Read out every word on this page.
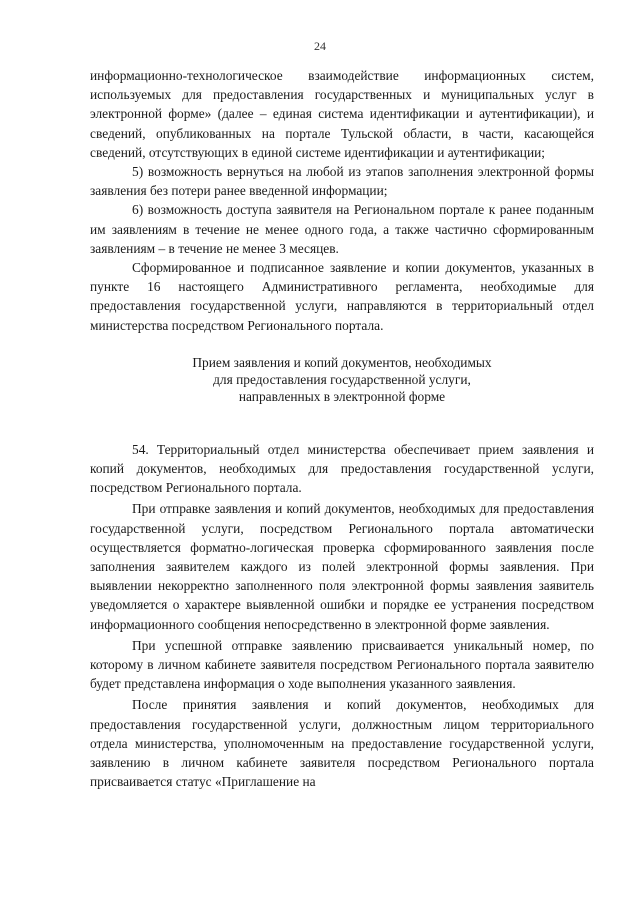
24

информационно-технологическое взаимодействие информационных систем, используемых для предоставления государственных и муниципальных услуг в электронной форме» (далее – единая система идентификации и аутентификации), и сведений, опубликованных на портале Тульской области, в части, касающейся сведений, отсутствующих в единой системе идентификации и аутентификации;

5) возможность вернуться на любой из этапов заполнения электронной формы заявления без потери ранее введенной информации;

6) возможность доступа заявителя на Региональном портале к ранее поданным им заявлениям в течение не менее одного года, а также частично сформированным заявлениям – в течение не менее 3 месяцев.

Сформированное и подписанное заявление и копии документов, указанных в пункте 16 настоящего Административного регламента, необходимые для предоставления государственной услуги, направляются в территориальный отдел министерства посредством Регионального портала.

Прием заявления и копий документов, необходимых
для предоставления государственной услуги,
направленных в электронной форме

54. Территориальный отдел министерства обеспечивает прием заявления и копий документов, необходимых для предоставления государственной услуги, посредством Регионального портала.

При отправке заявления и копий документов, необходимых для предоставления государственной услуги, посредством Регионального портала автоматически осуществляется форматно-логическая проверка сформированного заявления после заполнения заявителем каждого из полей электронной формы заявления. При выявлении некорректно заполненного поля электронной формы заявления заявитель уведомляется о характере выявленной ошибки и порядке ее устранения посредством информационного сообщения непосредственно в электронной форме заявления.

При успешной отправке заявлению присваивается уникальный номер, по которому в личном кабинете заявителя посредством Регионального портала заявителю будет представлена информация о ходе выполнения указанного заявления.

После принятия заявления и копий документов, необходимых для предоставления государственной услуги, должностным лицом территориального отдела министерства, уполномоченным на предоставление государственной услуги, заявлению в личном кабинете заявителя посредством Регионального портала присваивается статус «Приглашение на
